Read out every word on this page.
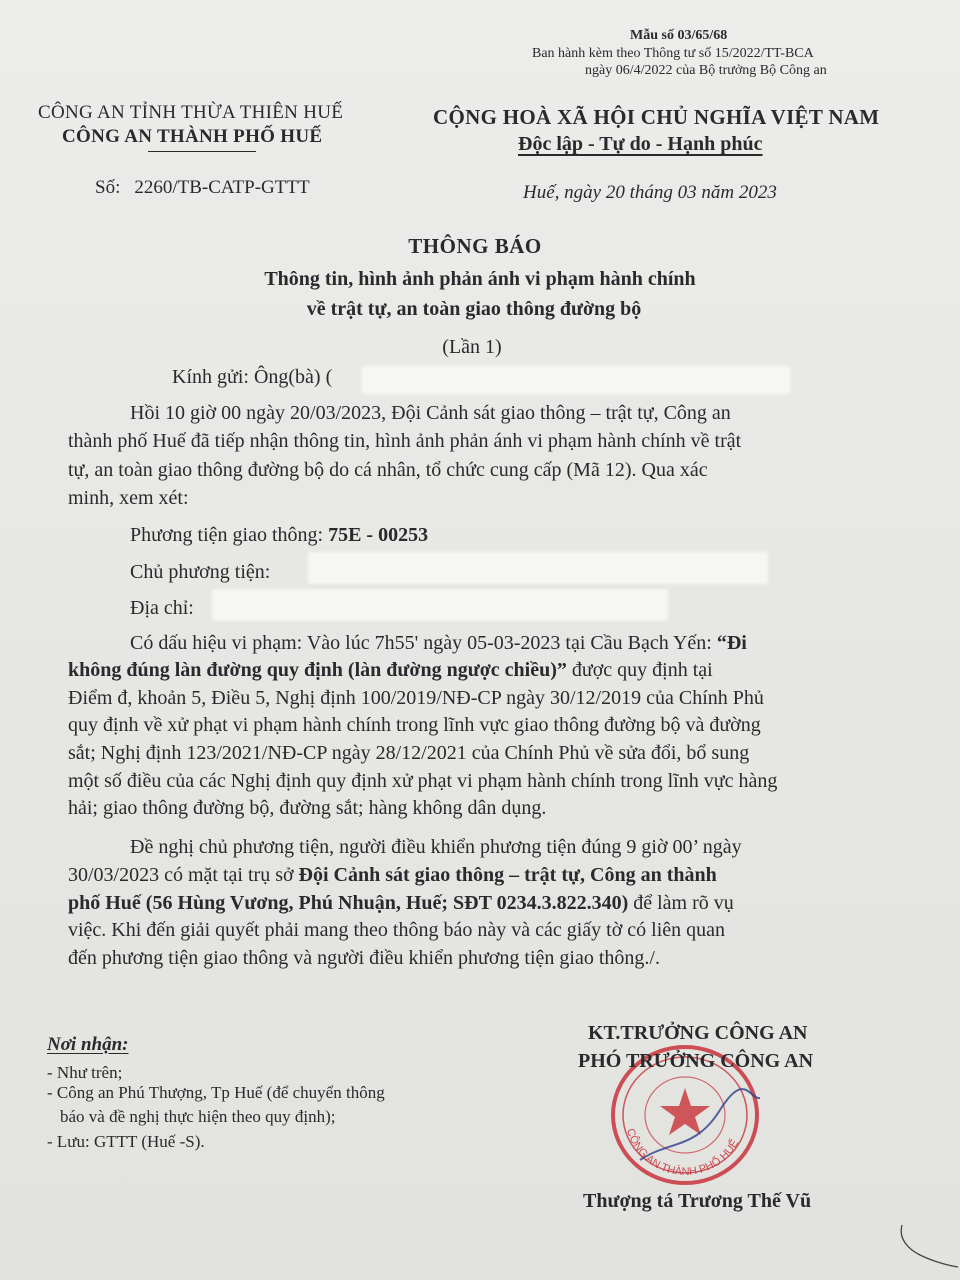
Mẫu số 03/65/68
Ban hành kèm theo Thông tư số 15/2022/TT-BCA
ngày 06/4/2022 của Bộ trưởng Bộ Công an
CÔNG AN TỈNH THỪA THIÊN HUẾ
CÔNG AN THÀNH PHỐ HUẾ
CỘNG HOÀ XÃ HỘI CHỦ NGHĨA VIỆT NAM
Độc lập - Tự do - Hạnh phúc
Số: 2260/TB-CATP-GTTT	Huế, ngày 20 tháng 03 năm 2023
THÔNG BÁO
Thông tin, hình ảnh phản ánh vi phạm hành chính
về trật tự, an toàn giao thông đường bộ
(Lần 1)
Kính gửi: Ông(bà) (
Hồi 10 giờ 00 ngày 20/03/2023, Đội Cảnh sát giao thông – trật tự, Công an
thành phố Huế đã tiếp nhận thông tin, hình ảnh phản ánh vi phạm hành chính về trật
tự, an toàn giao thông đường bộ do cá nhân, tổ chức cung cấp (Mã 12). Qua xác
minh, xem xét:
Phương tiện giao thông: 75E - 00253
Chủ phương tiện:
Địa chỉ:
Có dấu hiệu vi phạm: Vào lúc 7h55' ngày 05-03-2023 tại Cầu Bạch Yến: “Đi
không đúng làn đường quy định (làn đường ngược chiều)” được quy định tại
Điểm đ, khoản 5, Điều 5, Nghị định 100/2019/NĐ-CP ngày 30/12/2019 của Chính Phủ
quy định về xử phạt vi phạm hành chính trong lĩnh vực giao thông đường bộ và đường
sắt; Nghị định 123/2021/NĐ-CP ngày 28/12/2021 của Chính Phủ về sửa đổi, bổ sung
một số điều của các Nghị định quy định xử phạt vi phạm hành chính trong lĩnh vực hàng
hải; giao thông đường bộ, đường sắt; hàng không dân dụng.
Đề nghị chủ phương tiện, người điều khiển phương tiện đúng 9 giờ 00’ ngày
30/03/2023 có mặt tại trụ sở Đội Cảnh sát giao thông – trật tự, Công an thành
phố Huế (56 Hùng Vương, Phú Nhuận, Huế; SĐT 0234.3.822.340) để làm rõ vụ
việc. Khi đến giải quyết phải mang theo thông báo này và các giấy tờ có liên quan
đến phương tiện giao thông và người điều khiển phương tiện giao thông./.
Nơi nhận:
- Như trên;
- Công an Phú Thượng, Tp Huế (để chuyển thông
báo và đề nghị thực hiện theo quy định);
- Lưu: GTTT (Huế -S).	CÔNG AN THÀNH PHỐ HUẾ
KT.TRƯỞNG CÔNG AN
PHÓ TRƯỞNG CÔNG AN
Thượng tá Trương Thế Vũ
